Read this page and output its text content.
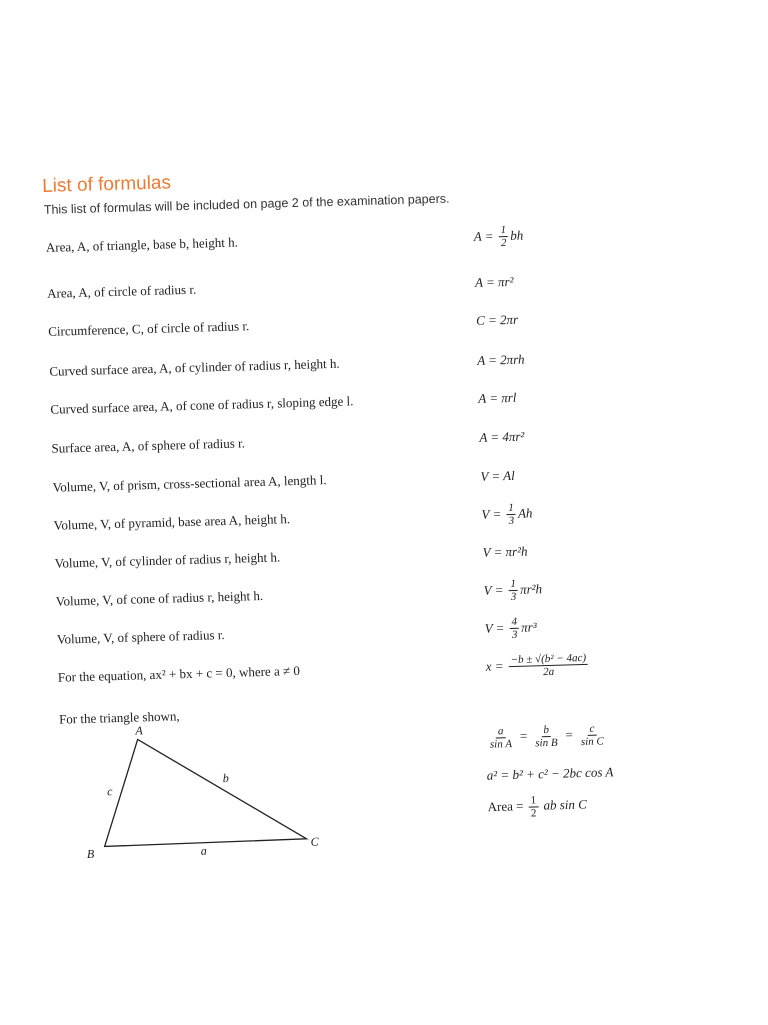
List of formulas
This list of formulas will be included on page 2 of the examination papers.
Area, A, of triangle, base b, height h.	$A = \frac{1}{2}$ bh
Area, A, of circle of radius r.	A = πr²
Circumference, C, of circle of radius r.	C = 2πr
Curved surface area, A, of cylinder of radius r, height h.	A = 2πrh
Curved surface area, A, of cone of radius r, sloping edge l.	A = πrl
Surface area, A, of sphere of radius r.	A = 4πr²
Volume, V, of prism, cross-sectional area A, length l.	V = Al
Volume, V, of pyramid, base area A, height h.	$V = \frac{1}{3}$ Ah
Volume, V, of cylinder of radius r, height h.	V = πr²h
Volume, V, of cone of radius r, height h.	$V = \frac{1}{3} \pi r^2h$
Volume, V, of sphere of radius r.	$V = \frac{4}{3} \pi r^3$
For the equation, ax² + bx + c = 0, where a ≠ 0	$x = \frac{\text{−b ± √(b² − 4ac)}}{2a}$
For the triangle shown,
A
B
C
a
b
c
$\frac{a}{\text{sin A}} = \frac{b}{\text{sin B}} = \frac{c}{\text{sin C}}$
a² = b² + c² − 2bc cos A
Area = $\frac{1}{2}$ ab sin C
